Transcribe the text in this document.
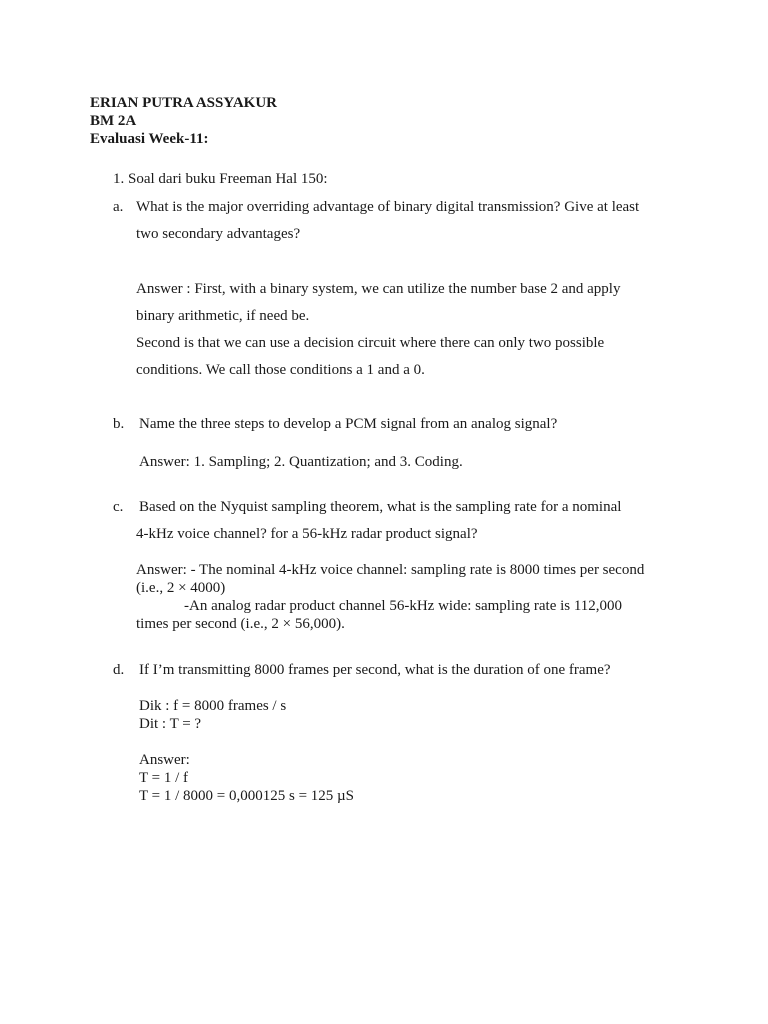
ERIAN PUTRA ASSYAKUR
BM 2A
Evaluasi Week-11:
1. Soal dari buku Freeman Hal 150:
a. What is the major overriding advantage of binary digital transmission? Give at least
two secondary advantages?
Answer : First, with a binary system, we can utilize the number base 2 and apply
binary arithmetic, if need be.
Second is that we can use a decision circuit where there can only two possible
conditions. We call those conditions a 1 and a 0.
b. Name the three steps to develop a PCM signal from an analog signal?
Answer: 1. Sampling; 2. Quantization; and 3. Coding.
c. Based on the Nyquist sampling theorem, what is the sampling rate for a nominal
4-kHz voice channel? for a 56-kHz radar product signal?
Answer: - The nominal 4-kHz voice channel: sampling rate is 8000 times per second
(i.e., 2 × 4000)
-An analog radar product channel 56-kHz wide: sampling rate is 112,000
times per second (i.e., 2 × 56,000).
d. If I’m transmitting 8000 frames per second, what is the duration of one frame?
Dik : f = 8000 frames / s
Dit : T = ?
Answer:
T = 1 / f
T = 1 / 8000 = 0,000125 s = 125 µS
